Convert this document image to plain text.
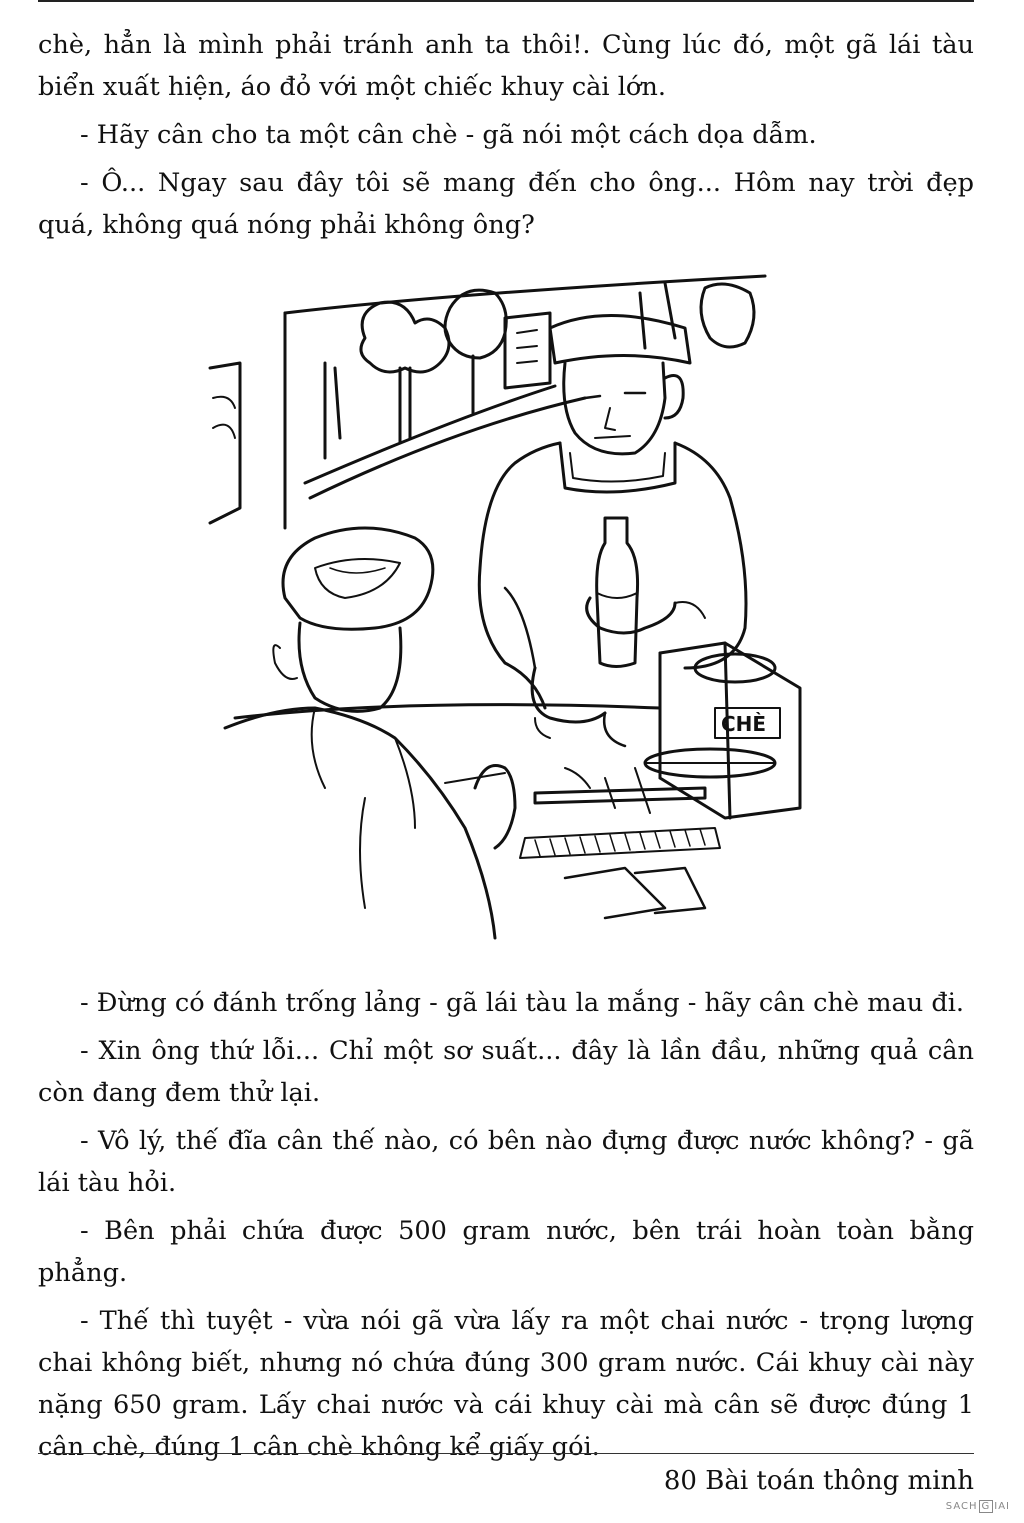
chè, hẳn là mình phải tránh anh ta thôi!. Cùng lúc đó, một gã lái tàu biển xuất hiện, áo đỏ với một chiếc khuy cài lớn.

- Hãy cân cho ta một cân chè - gã nói một cách dọa dẫm.

- Ô... Ngay sau đây tôi sẽ mang đến cho ông... Hôm nay trời đẹp quá, không quá nóng phải không ông?

CHÈ

- Đừng có đánh trống lảng - gã lái tàu la mắng - hãy cân chè mau đi.

- Xin ông thứ lỗi... Chỉ một sơ suất... đây là lần đầu, những quả cân còn đang đem thử lại.

- Vô lý, thế đĩa cân thế nào, có bên nào đựng được nước không? - gã lái tàu hỏi.

- Bên phải chứa được 500 gram nước, bên trái hoàn toàn bằng phẳng.

- Thế thì tuyệt - vừa nói gã vừa lấy ra một chai nước - trọng lượng chai không biết, nhưng nó chứa đúng 300 gram nước. Cái khuy cài này nặng 650 gram. Lấy chai nước và cái khuy cài mà cân sẽ được đúng 1 cân chè, đúng 1 cân chè không kể giấy gói.

80 Bài toán thông minh
SACH G IAI
